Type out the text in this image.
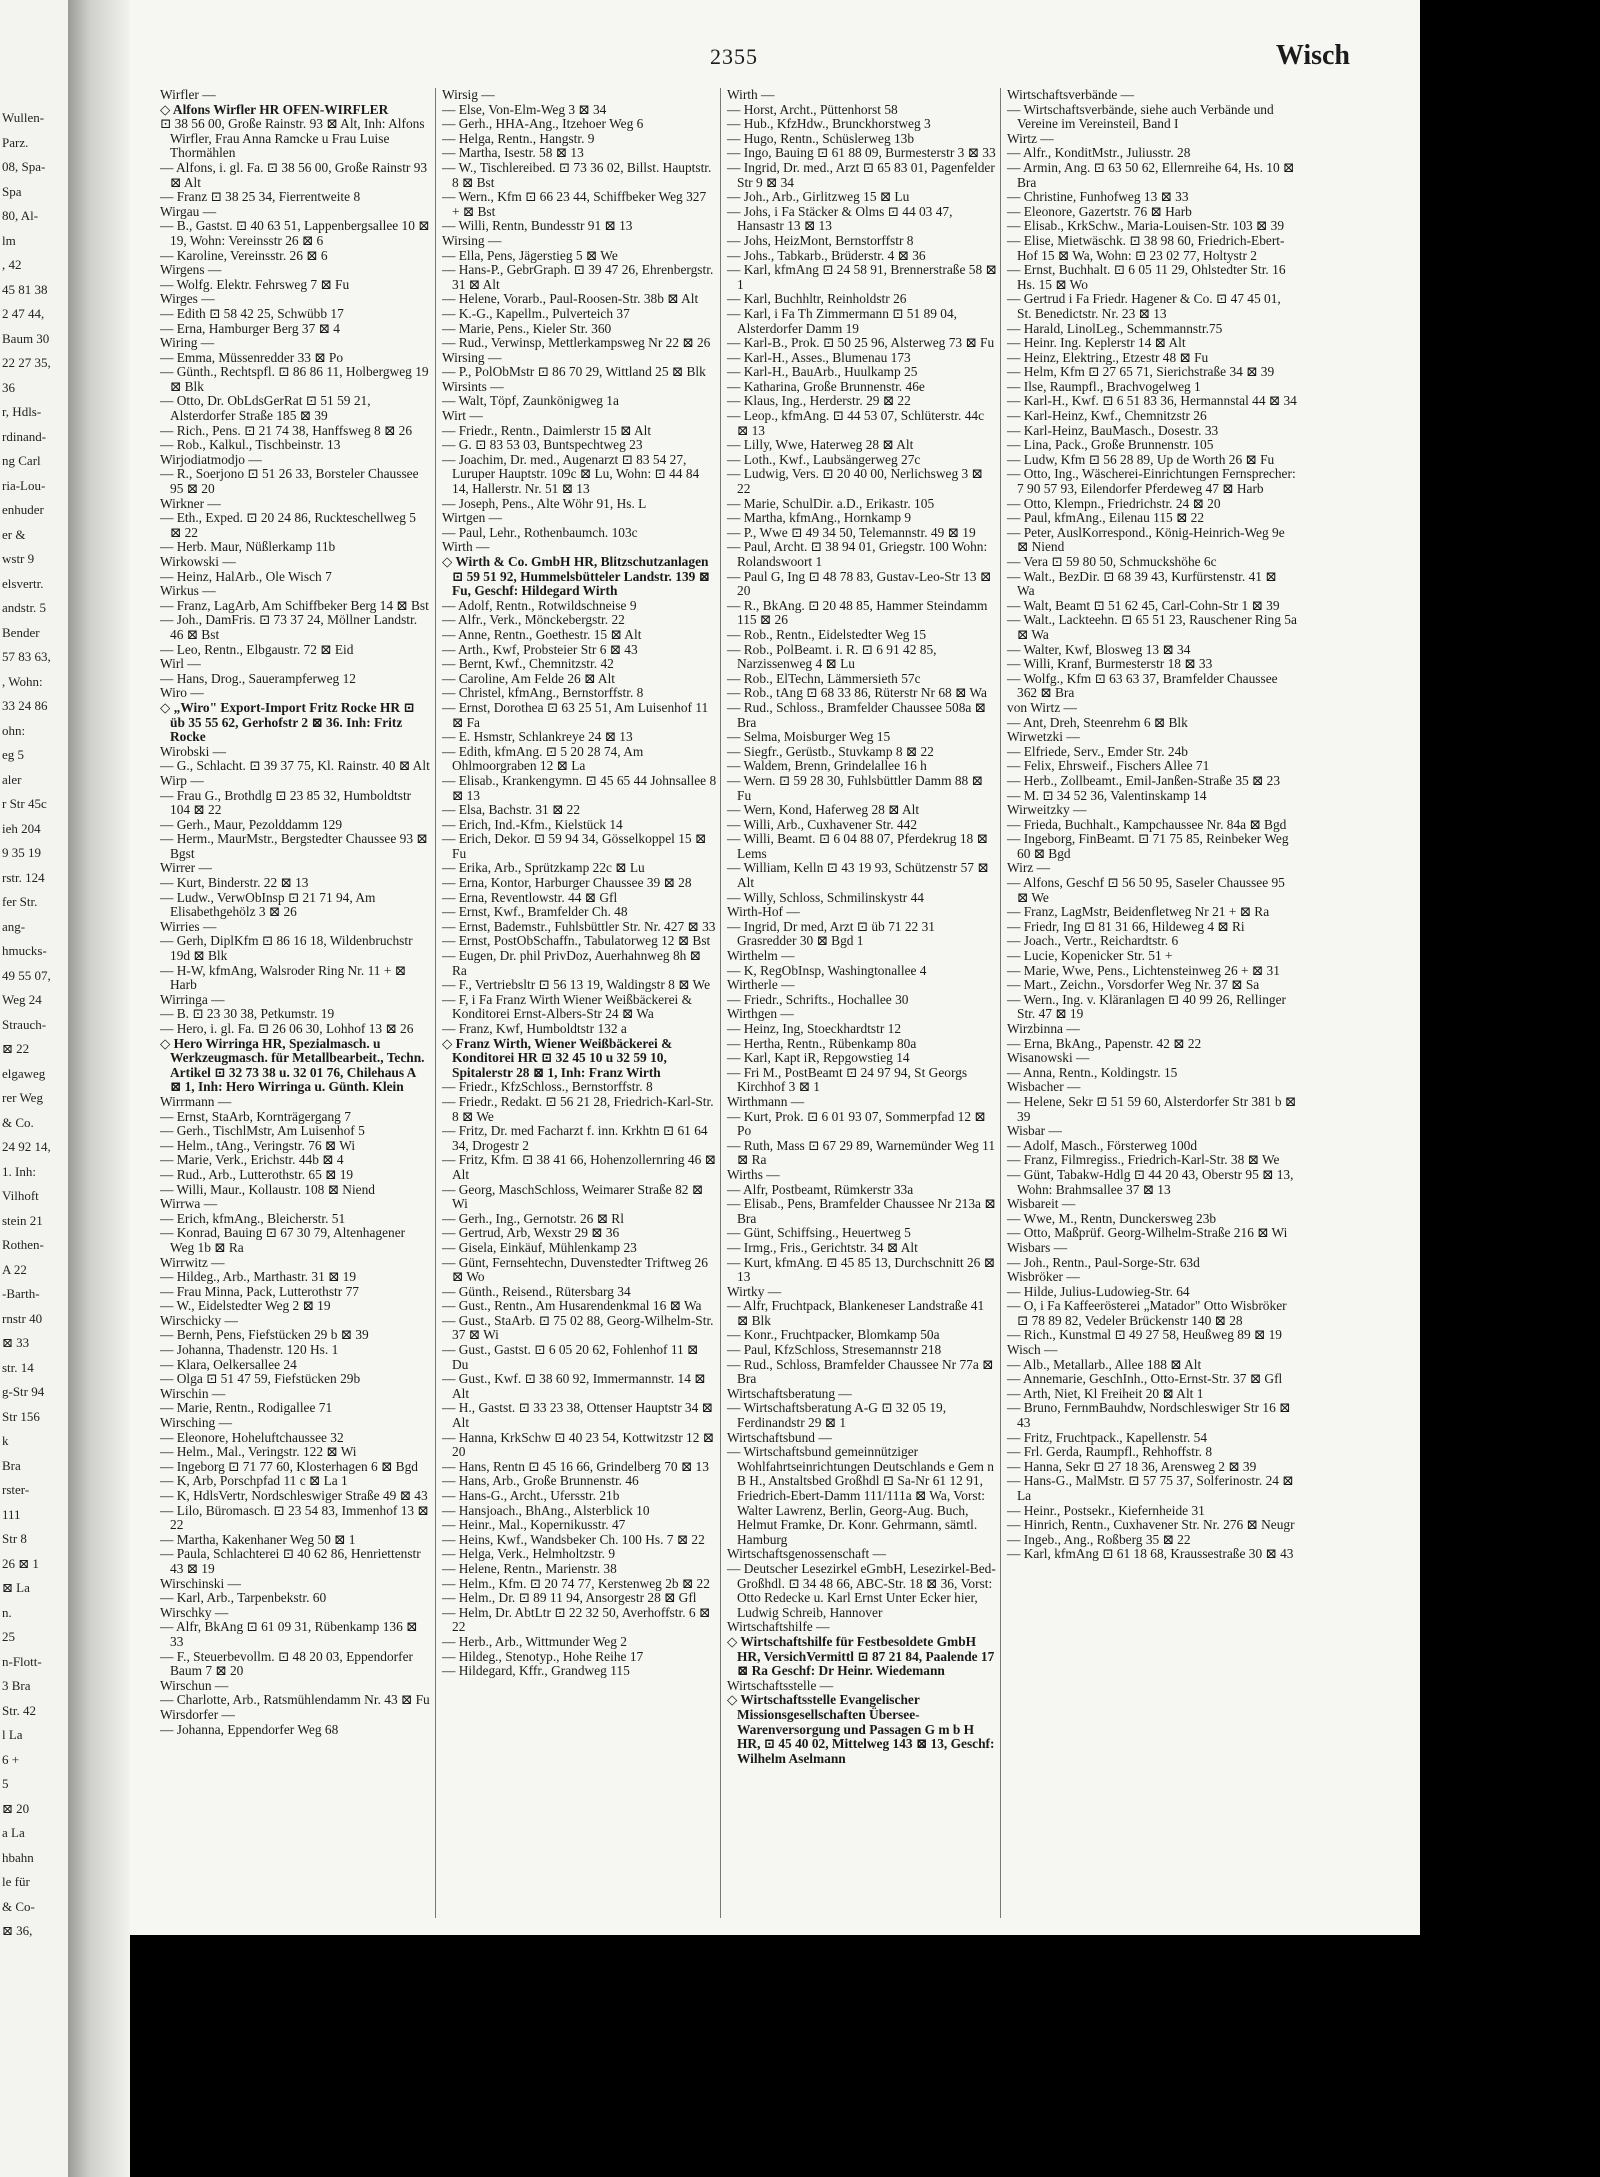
Wullen-
Parz.
08, Spa-
Spa
80, Al-
lm
, 42
45 81 38
2 47 44,
Baum 30
22 27 35,
36
r, Hdls-
rdinand-
ng Carl
ria-Lou-
enhuder
er &
wstr 9
elsvertr.
andstr. 5
Bender
57 83 63,
, Wohn:
33 24 86
ohn:
eg 5
aler
r Str 45c
ieh 204
9 35 19
rstr. 124
fer Str.
ang-
hmucks-
49 55 07,
Weg 24
Strauch-
⊠ 22
elgaweg
rer Weg
& Co.
24 92 14,
1. Inh:
Vilhoft
stein 21
Rothen-
A 22
-Barth-
rnstr 40
⊠ 33
str. 14
g-Str 94
Str 156
k
Bra
rster-
111
Str 8
26 ⊠ 1
⊠ La
n.
25
n-Flott-
3 Bra
Str. 42
l La
6 +
5
⊠ 20
a La
hbahn
le für
& Co-
⊠ 36,
2355	Wisch

Wirfler —

◇ Alfons Wirfler HR OFEN-WIRFLER

⊡ 38 56 00, Große Rainstr. 93 ⊠ Alt, Inh: Alfons Wirfler, Frau Anna Ramcke u Frau Luise Thormählen

— Alfons, i. gl. Fa. ⊡ 38 56 00, Große Rainstr 93 ⊠ Alt

— Franz ⊡ 38 25 34, Fierrentweite 8

Wirgau —

— B., Gastst. ⊡ 40 63 51, Lappenbergsallee 10 ⊠ 19, Wohn: Vereinsstr 26 ⊠ 6

— Karoline, Vereinsstr. 26 ⊠ 6

Wirgens —

— Wolfg. Elektr. Fehrsweg 7 ⊠ Fu

Wirges —

— Edith ⊡ 58 42 25, Schwübb 17

— Erna, Hamburger Berg 37 ⊠ 4

Wiring —

— Emma, Müssenredder 33 ⊠ Po

— Günth., Rechtspfl. ⊡ 86 86 11, Holbergweg 19 ⊠ Blk

— Otto, Dr. ObLdsGerRat ⊡ 51 59 21, Alsterdorfer Straße 185 ⊠ 39

— Rich., Pens. ⊡ 21 74 38, Hanffsweg 8 ⊠ 26

— Rob., Kalkul., Tischbeinstr. 13

Wirjodiatmodjo —

— R., Soerjono ⊡ 51 26 33, Borsteler Chaussee 95 ⊠ 20

Wirkner —

— Eth., Exped. ⊡ 20 24 86, Ruckteschellweg 5 ⊠ 22

— Herb. Maur, Nüßlerkamp 11b

Wirkowski —

— Heinz, HalArb., Ole Wisch 7

Wirkus —

— Franz, LagArb, Am Schiffbeker Berg 14 ⊠ Bst

— Joh., DamFris. ⊡ 73 37 24, Möllner Landstr. 46 ⊠ Bst

— Leo, Rentn., Elbgaustr. 72 ⊠ Eid

Wirl —

— Hans, Drog., Sauerampferweg 12

Wiro —

◇ „Wiro" Export-Import Fritz Rocke HR ⊡ üb 35 55 62, Gerhofstr 2 ⊠ 36. Inh: Fritz Rocke

Wirobski —

— G., Schlacht. ⊡ 39 37 75, Kl. Rainstr. 40 ⊠ Alt

Wirp —

— Frau G., Brothdlg ⊡ 23 85 32, Humboldtstr 104 ⊠ 22

— Gerh., Maur, Pezolddamm 129

— Herm., MaurMstr., Bergstedter Chaussee 93 ⊠ Bgst

Wirrer —

— Kurt, Binderstr. 22 ⊠ 13

— Ludw., VerwObInsp ⊡ 21 71 94, Am Elisabethgehölz 3 ⊠ 26

Wirries —

— Gerh, DiplKfm ⊡ 86 16 18, Wildenbruchstr 19d ⊠ Blk

— H-W, kfmAng, Walsroder Ring Nr. 11 + ⊠ Harb

Wirringa —

— B. ⊡ 23 30 38, Petkumstr. 19

— Hero, i. gl. Fa. ⊡ 26 06 30, Lohhof 13 ⊠ 26

◇ Hero Wirringa HR, Spezialmasch. u Werkzeugmasch. für Metallbearbeit., Techn. Artikel ⊡ 32 73 38 u. 32 01 76, Chilehaus A ⊠ 1, Inh: Hero Wirringa u. Günth. Klein

Wirrmann —

— Ernst, StaArb, Kornträgergang 7

— Gerh., TischlMstr, Am Luisenhof 5

— Helm., tAng., Veringstr. 76 ⊠ Wi

— Marie, Verk., Erichstr. 44b ⊠ 4

— Rud., Arb., Lutterothstr. 65 ⊠ 19

— Willi, Maur., Kollaustr. 108 ⊠ Niend

Wirrwa —

— Erich, kfmAng., Bleicherstr. 51

— Konrad, Bauing ⊡ 67 30 79, Altenhagener Weg 1b ⊠ Ra

Wirrwitz —

— Hildeg., Arb., Marthastr. 31 ⊠ 19

— Frau Minna, Pack, Lutterothstr 77

— W., Eidelstedter Weg 2 ⊠ 19

Wirschicky —

— Bernh, Pens, Fiefstücken 29 b ⊠ 39

— Johanna, Thadenstr. 120 Hs. 1

— Klara, Oelkersallee 24

— Olga ⊡ 51 47 59, Fiefstücken 29b

Wirschin —

— Marie, Rentn., Rodigallee 71

Wirsching —

— Eleonore, Hoheluftchaussee 32

— Helm., Mal., Veringstr. 122 ⊠ Wi

— Ingeborg ⊡ 71 77 60, Klosterhagen 6 ⊠ Bgd

— K, Arb, Porschpfad 11 c ⊠ La 1

— K, HdlsVertr, Nordschleswiger Straße 49 ⊠ 43

— Lilo, Büromasch. ⊡ 23 54 83, Immenhof 13 ⊠ 22

— Martha, Kakenhaner Weg 50 ⊠ 1

— Paula, Schlachterei ⊡ 40 62 86, Henriettenstr 43 ⊠ 19

Wirschinski —

— Karl, Arb., Tarpenbekstr. 60

Wirschky —

— Alfr, BkAng ⊡ 61 09 31, Rübenkamp 136 ⊠ 33

— F., Steuerbevollm. ⊡ 48 20 03, Eppendorfer Baum 7 ⊠ 20

Wirschun —

— Charlotte, Arb., Ratsmühlendamm Nr. 43 ⊠ Fu

Wirsdorfer —

— Johanna, Eppendorfer Weg 68

Wirsig —

— Else, Von-Elm-Weg 3 ⊠ 34

— Gerh., HHA-Ang., Itzehoer Weg 6

— Helga, Rentn., Hangstr. 9

— Martha, Isestr. 58 ⊠ 13

— W., Tischlereibed. ⊡ 73 36 02, Billst. Hauptstr. 8 ⊠ Bst

— Wern., Kfm ⊡ 66 23 44, Schiffbeker Weg 327 + ⊠ Bst

— Willi, Rentn, Bundesstr 91 ⊠ 13

Wirsing —

— Ella, Pens, Jägerstieg 5 ⊠ We

— Hans-P., GebrGraph. ⊡ 39 47 26, Ehrenbergstr. 31 ⊠ Alt

— Helene, Vorarb., Paul-Roosen-Str. 38b ⊠ Alt

— K.-G., Kapellm., Pulverteich 37

— Marie, Pens., Kieler Str. 360

— Rud., Verwinsp, Mettlerkampsweg Nr 22 ⊠ 26

Wirsing —

— P., PolObMstr ⊡ 86 70 29, Wittland 25 ⊠ Blk

Wirsints —

— Walt, Töpf, Zaunkönigweg 1a

Wirt —

— Friedr., Rentn., Daimlerstr 15 ⊠ Alt

— G. ⊡ 83 53 03, Buntspechtweg 23

— Joachim, Dr. med., Augenarzt ⊡ 83 54 27, Luruper Hauptstr. 109c ⊠ Lu, Wohn: ⊡ 44 84 14, Hallerstr. Nr. 51 ⊠ 13

— Joseph, Pens., Alte Wöhr 91, Hs. L

Wirtgen —

— Paul, Lehr., Rothenbaumch. 103c

Wirth —

◇ Wirth & Co. GmbH HR, Blitzschutzanlagen ⊡ 59 51 92, Hummelsbütteler Landstr. 139 ⊠ Fu, Geschf: Hildegard Wirth

— Adolf, Rentn., Rotwildschneise 9

— Alfr., Verk., Mönckebergstr. 22

— Anne, Rentn., Goethestr. 15 ⊠ Alt

— Arth., Kwf, Probsteier Str 6 ⊠ 43

— Bernt, Kwf., Chemnitzstr. 42

— Caroline, Am Felde 26 ⊠ Alt

— Christel, kfmAng., Bernstorffstr. 8

— Ernst, Dorothea ⊡ 63 25 51, Am Luisenhof 11 ⊠ Fa

— E. Hsmstr, Schlankreye 24 ⊠ 13

— Edith, kfmAng. ⊡ 5 20 28 74, Am Ohlmoorgraben 12 ⊠ La

— Elisab., Krankengymn. ⊡ 45 65 44 Johnsallee 8 ⊠ 13

— Elsa, Bachstr. 31 ⊠ 22

— Erich, Ind.-Kfm., Kielstück 14

— Erich, Dekor. ⊡ 59 94 34, Gösselkoppel 15 ⊠ Fu

— Erika, Arb., Sprützkamp 22c ⊠ Lu

— Erna, Kontor, Harburger Chaussee 39 ⊠ 28

— Erna, Reventlowstr. 44 ⊠ Gfl

— Ernst, Kwf., Bramfelder Ch. 48

— Ernst, Bademstr., Fuhlsbüttler Str. Nr. 427 ⊠ 33

— Ernst, PostObSchaffn., Tabulatorweg 12 ⊠ Bst

— Eugen, Dr. phil PrivDoz, Auerhahnweg 8h ⊠ Ra

— F., Vertriebsltr ⊡ 56 13 19, Waldingstr 8 ⊠ We

— F, i Fa Franz Wirth Wiener Weißbäckerei & Konditorei Ernst-Albers-Str 24 ⊠ Wa

— Franz, Kwf, Humboldtstr 132 a

◇ Franz Wirth, Wiener Weißbäckerei & Konditorei HR ⊡ 32 45 10 u 32 59 10, Spitalerstr 28 ⊠ 1, Inh: Franz Wirth

— Friedr., KfzSchloss., Bernstorffstr. 8

— Friedr., Redakt. ⊡ 56 21 28, Friedrich-Karl-Str. 8 ⊠ We

— Fritz, Dr. med Facharzt f. inn. Krkhtn ⊡ 61 64 34, Drogestr 2

— Fritz, Kfm. ⊡ 38 41 66, Hohenzollernring 46 ⊠ Alt

— Georg, MaschSchloss, Weimarer Straße 82 ⊠ Wi

— Gerh., Ing., Gernotstr. 26 ⊠ Rl

— Gertrud, Arb, Wexstr 29 ⊠ 36

— Gisela, Einkäuf, Mühlenkamp 23

— Günt, Fernsehtechn, Duvenstedter Triftweg 26 ⊠ Wo

— Günth., Reisend., Rütersbarg 34

— Gust., Rentn., Am Husarendenkmal 16 ⊠ Wa

— Gust., StaArb. ⊡ 75 02 88, Georg-Wilhelm-Str. 37 ⊠ Wi

— Gust., Gastst. ⊡ 6 05 20 62, Fohlenhof 11 ⊠ Du

— Gust., Kwf. ⊡ 38 60 92, Immermannstr. 14 ⊠ Alt

— H., Gastst. ⊡ 33 23 38, Ottenser Hauptstr 34 ⊠ Alt

— Hanna, KrkSchw ⊡ 40 23 54, Kottwitzstr 12 ⊠ 20

— Hans, Rentn ⊡ 45 16 66, Grindelberg 70 ⊠ 13

— Hans, Arb., Große Brunnenstr. 46

— Hans-G., Archt., Ufersstr. 21b

— Hansjoach., BhAng., Alsterblick 10

— Heinr., Mal., Kopernikusstr. 47

— Heins, Kwf., Wandsbeker Ch. 100 Hs. 7 ⊠ 22

— Helga, Verk., Helmholtzstr. 9

— Helene, Rentn., Marienstr. 38

— Helm., Kfm. ⊡ 20 74 77, Kerstenweg 2b ⊠ 22

— Helm., Dr. ⊡ 89 11 94, Ansorgestr 28 ⊠ Gfl

— Helm, Dr. AbtLtr ⊡ 22 32 50, Averhoffstr. 6 ⊠ 22

— Herb., Arb., Wittmunder Weg 2

— Hildeg., Stenotyp., Hohe Reihe 17

— Hildegard, Kffr., Grandweg 115

Wirth —

— Horst, Archt., Püttenhorst 58

— Hub., KfzHdw., Brunckhorstweg 3

— Hugo, Rentn., Schüslerweg 13b

— Ingo, Bauing ⊡ 61 88 09, Burmesterstr 3 ⊠ 33

— Ingrid, Dr. med., Arzt ⊡ 65 83 01, Pagenfelder Str 9 ⊠ 34

— Joh., Arb., Girlitzweg 15 ⊠ Lu

— Johs, i Fa Stäcker & Olms ⊡ 44 03 47, Hansastr 13 ⊠ 13

— Johs, HeizMont, Bernstorffstr 8

— Johs., Tabkarb., Brüderstr. 4 ⊠ 36

— Karl, kfmAng ⊡ 24 58 91, Brennerstraße 58 ⊠ 1

— Karl, Buchhltr, Reinholdstr 26

— Karl, i Fa Th Zimmermann ⊡ 51 89 04, Alsterdorfer Damm 19

— Karl-B., Prok. ⊡ 50 25 96, Alsterweg 73 ⊠ Fu

— Karl-H., Asses., Blumenau 173

— Karl-H., BauArb., Huulkamp 25

— Katharina, Große Brunnenstr. 46e

— Klaus, Ing., Herderstr. 29 ⊠ 22

— Leop., kfmAng. ⊡ 44 53 07, Schlüterstr. 44c ⊠ 13

— Lilly, Wwe, Haterweg 28 ⊠ Alt

— Loth., Kwf., Laubsängerweg 27c

— Ludwig, Vers. ⊡ 20 40 00, Nerlichsweg 3 ⊠ 22

— Marie, SchulDir. a.D., Erikastr. 105

— Martha, kfmAng., Hornkamp 9

— P., Wwe ⊡ 49 34 50, Telemannstr. 49 ⊠ 19

— Paul, Archt. ⊡ 38 94 01, Griegstr. 100 Wohn: Rolandswoort 1

— Paul G, Ing ⊡ 48 78 83, Gustav-Leo-Str 13 ⊠ 20

— R., BkAng. ⊡ 20 48 85, Hammer Steindamm 115 ⊠ 26

— Rob., Rentn., Eidelstedter Weg 15

— Rob., PolBeamt. i. R. ⊡ 6 91 42 85, Narzissenweg 4 ⊠ Lu

— Rob., ElTechn, Lämmersieth 57c

— Rob., tAng ⊡ 68 33 86, Rüterstr Nr 68 ⊠ Wa

— Rud., Schloss., Bramfelder Chaussee 508a ⊠ Bra

— Selma, Moisburger Weg 15

— Siegfr., Gerüstb., Stuvkamp 8 ⊠ 22

— Waldem, Brenn, Grindelallee 16 h

— Wern. ⊡ 59 28 30, Fuhlsbüttler Damm 88 ⊠ Fu

— Wern, Kond, Haferweg 28 ⊠ Alt

— Willi, Arb., Cuxhavener Str. 442

— Willi, Beamt. ⊡ 6 04 88 07, Pferdekrug 18 ⊠ Lems

— William, Kelln ⊡ 43 19 93, Schützenstr 57 ⊠ Alt

— Willy, Schloss, Schmilinskystr 44

Wirth-Hof —

— Ingrid, Dr med, Arzt ⊡ üb 71 22 31 Grasredder 30 ⊠ Bgd 1

Wirthelm —

— K, RegObInsp, Washingtonallee 4

Wirtherle —

— Friedr., Schrifts., Hochallee 30

Wirthgen —

— Heinz, Ing, Stoeckhardtstr 12

— Hertha, Rentn., Rübenkamp 80a

— Karl, Kapt iR, Repgowstieg 14

— Fri M., PostBeamt ⊡ 24 97 94, St Georgs Kirchhof 3 ⊠ 1

Wirthmann —

— Kurt, Prok. ⊡ 6 01 93 07, Sommerpfad 12 ⊠ Po

— Ruth, Mass ⊡ 67 29 89, Warnemünder Weg 11 ⊠ Ra

Wirths —

— Alfr, Postbeamt, Rümkerstr 33a

— Elisab., Pens, Bramfelder Chaussee Nr 213a ⊠ Bra

— Günt, Schiffsing., Heuertweg 5

— Irmg., Fris., Gerichtstr. 34 ⊠ Alt

— Kurt, kfmAng. ⊡ 45 85 13, Durchschnitt 26 ⊠ 13

Wirtky —

— Alfr, Fruchtpack, Blankeneser Landstraße 41 ⊠ Blk

— Konr., Fruchtpacker, Blomkamp 50a

— Paul, KfzSchloss, Stresemannstr 218

— Rud., Schloss, Bramfelder Chaussee Nr 77a ⊠ Bra

Wirtschaftsberatung —

— Wirtschaftsberatung A-G ⊡ 32 05 19, Ferdinandstr 29 ⊠ 1

Wirtschaftsbund —

— Wirtschaftsbund gemeinnütziger Wohlfahrtseinrichtungen Deutschlands e Gem n B H., Anstaltsbed Großhdl ⊡ Sa-Nr 61 12 91, Friedrich-Ebert-Damm 111/111a ⊠ Wa, Vorst: Walter Lawrenz, Berlin, Georg-Aug. Buch, Helmut Framke, Dr. Konr. Gehrmann, sämtl. Hamburg

Wirtschaftsgenossenschaft —

— Deutscher Lesezirkel eGmbH, Lesezirkel-Bed-Großhdl. ⊡ 34 48 66, ABC-Str. 18 ⊠ 36, Vorst: Otto Redecke u. Karl Ernst Unter Ecker hier, Ludwig Schreib, Hannover

Wirtschaftshilfe —

◇ Wirtschaftshilfe für Festbesoldete GmbH HR, VersichVermittl ⊡ 87 21 84, Paalende 17 ⊠ Ra Geschf: Dr Heinr. Wiedemann

Wirtschaftsstelle —

◇ Wirtschaftsstelle Evangelischer Missionsgesellschaften Übersee-Warenversorgung und Passagen G m b H HR, ⊡ 45 40 02, Mittelweg 143 ⊠ 13, Geschf: Wilhelm Aselmann

Wirtschaftsverbände —

— Wirtschaftsverbände, siehe auch Verbände und Vereine im Vereinsteil, Band I

Wirtz —

— Alfr., KonditMstr., Juliusstr. 28

— Armin, Ang. ⊡ 63 50 62, Ellernreihe 64, Hs. 10 ⊠ Bra

— Christine, Funhofweg 13 ⊠ 33

— Eleonore, Gazertstr. 76 ⊠ Harb

— Elisab., KrkSchw., Maria-Louisen-Str. 103 ⊠ 39

— Elise, Mietwäschk. ⊡ 38 98 60, Friedrich-Ebert-Hof 15 ⊠ Wa, Wohn: ⊡ 23 02 77, Holtystr 2

— Ernst, Buchhalt. ⊡ 6 05 11 29, Ohlstedter Str. 16 Hs. 15 ⊠ Wo

— Gertrud i Fa Friedr. Hagener & Co. ⊡ 47 45 01, St. Benedictstr. Nr. 23 ⊠ 13

— Harald, LinolLeg., Schemmannstr.75

— Heinr. Ing. Keplerstr 14 ⊠ Alt

— Heinz, Elektring., Etzestr 48 ⊠ Fu

— Helm, Kfm ⊡ 27 65 71, Sierichstraße 34 ⊠ 39

— Ilse, Raumpfl., Brachvogelweg 1

— Karl-H., Kwf. ⊡ 6 51 83 36, Hermannstal 44 ⊠ 34

— Karl-Heinz, Kwf., Chemnitzstr 26

— Karl-Heinz, BauMasch., Dosestr. 33

— Lina, Pack., Große Brunnenstr. 105

— Ludw, Kfm ⊡ 56 28 89, Up de Worth 26 ⊠ Fu

— Otto, Ing., Wäscherei-Einrichtungen Fernsprecher: 7 90 57 93, Eilendorfer Pferdeweg 47 ⊠ Harb

— Otto, Klempn., Friedrichstr. 24 ⊠ 20

— Paul, kfmAng., Eilenau 115 ⊠ 22

— Peter, AuslKorrespond., König-Heinrich-Weg 9e ⊠ Niend

— Vera ⊡ 59 80 50, Schmuckshöhe 6c

— Walt., BezDir. ⊡ 68 39 43, Kurfürstenstr. 41 ⊠ Wa

— Walt, Beamt ⊡ 51 62 45, Carl-Cohn-Str 1 ⊠ 39

— Walt., Lackteehn. ⊡ 65 51 23, Rauschener Ring 5a ⊠ Wa

— Walter, Kwf, Blosweg 13 ⊠ 34

— Willi, Kranf, Burmesterstr 18 ⊠ 33

— Wolfg., Kfm ⊡ 63 63 37, Bramfelder Chaussee 362 ⊠ Bra

von Wirtz —

— Ant, Dreh, Steenrehm 6 ⊠ Blk

Wirwetzki —

— Elfriede, Serv., Emder Str. 24b

— Felix, Ehrsweif., Fischers Allee 71

— Herb., Zollbeamt., Emil-Janßen-Straße 35 ⊠ 23

— M. ⊡ 34 52 36, Valentinskamp 14

Wirweitzky —

— Frieda, Buchhalt., Kampchaussee Nr. 84a ⊠ Bgd

— Ingeborg, FinBeamt. ⊡ 71 75 85, Reinbeker Weg 60 ⊠ Bgd

Wirz —

— Alfons, Geschf ⊡ 56 50 95, Saseler Chaussee 95 ⊠ We

— Franz, LagMstr, Beidenfletweg Nr 21 + ⊠ Ra

— Friedr, Ing ⊡ 81 31 66, Hildeweg 4 ⊠ Ri

— Joach., Vertr., Reichardtstr. 6

— Lucie, Kopenicker Str. 51 +

— Marie, Wwe, Pens., Lichtensteinweg 26 + ⊠ 31

— Mart., Zeichn., Vorsdorfer Weg Nr. 37 ⊠ Sa

— Wern., Ing. v. Kläranlagen ⊡ 40 99 26, Rellinger Str. 47 ⊠ 19

Wirzbinna —

— Erna, BkAng., Papenstr. 42 ⊠ 22

Wisanowski —

— Anna, Rentn., Koldingstr. 15

Wisbacher —

— Helene, Sekr ⊡ 51 59 60, Alsterdorfer Str 381 b ⊠ 39

Wisbar —

— Adolf, Masch., Försterweg 100d

— Franz, Filmregiss., Friedrich-Karl-Str. 38 ⊠ We

— Günt, Tabakw-Hdlg ⊡ 44 20 43, Oberstr 95 ⊠ 13, Wohn: Brahmsallee 37 ⊠ 13

Wisbareit —

— Wwe, M., Rentn, Dunckersweg 23b

— Otto, Maßprüf. Georg-Wilhelm-Straße 216 ⊠ Wi

Wisbars —

— Joh., Rentn., Paul-Sorge-Str. 63d

Wisbröker —

— Hilde, Julius-Ludowieg-Str. 64

— O, i Fa Kaffeerösterei „Matador" Otto Wisbröker ⊡ 78 89 82, Vedeler Brückenstr 140 ⊠ 28

— Rich., Kunstmal ⊡ 49 27 58, Heußweg 89 ⊠ 19

Wisch —

— Alb., Metallarb., Allee 188 ⊠ Alt

— Annemarie, GeschInh., Otto-Ernst-Str. 37 ⊠ Gfl

— Arth, Niet, Kl Freiheit 20 ⊠ Alt 1

— Bruno, FernmBauhdw, Nordschleswiger Str 16 ⊠ 43

— Fritz, Fruchtpack., Kapellenstr. 54

— Frl. Gerda, Raumpfl., Rehhoffstr. 8

— Hanna, Sekr ⊡ 27 18 36, Arensweg 2 ⊠ 39

— Hans-G., MalMstr. ⊡ 57 75 37, Solferinostr. 24 ⊠ La

— Heinr., Postsekr., Kiefernheide 31

— Hinrich, Rentn., Cuxhavener Str. Nr. 276 ⊠ Neugr

— Ingeb., Ang., Roßberg 35 ⊠ 22

— Karl, kfmAng ⊡ 61 18 68, Kraussestraße 30 ⊠ 43
